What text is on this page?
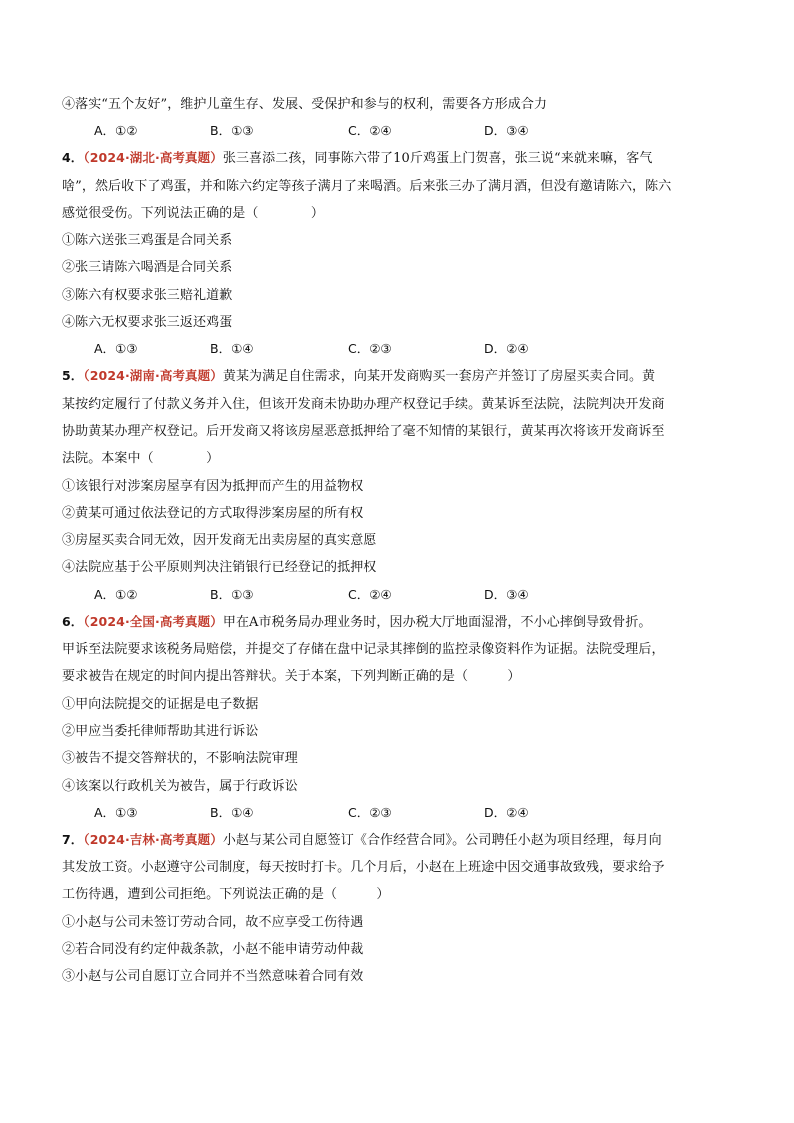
④落实“五个友好”，维护儿童生存、发展、受保护和参与的权利，需要各方形成合力
A．①②	B．①③	C．②④	D．③④
4．（2024·湖北·高考真题）张三喜添二孩，同事陈六带了10斤鸡蛋上门贺喜，张三说“来就来嘛，客气
啥”，然后收下了鸡蛋，并和陈六约定等孩子满月了来喝酒。后来张三办了满月酒，但没有邀请陈六，陈六
感觉很受伤。下列说法正确的是（　　　　）
①陈六送张三鸡蛋是合同关系
②张三请陈六喝酒是合同关系
③陈六有权要求张三赔礼道歉
④陈六无权要求张三返还鸡蛋
A．①③	B．①④	C．②③	D．②④
5．（2024·湖南·高考真题）黄某为满足自住需求，向某开发商购买一套房产并签订了房屋买卖合同。黄
某按约定履行了付款义务并入住，但该开发商未协助办理产权登记手续。黄某诉至法院，法院判决开发商
协助黄某办理产权登记。后开发商又将该房屋恶意抵押给了毫不知情的某银行，黄某再次将该开发商诉至
法院。本案中（　　　　）
①该银行对涉案房屋享有因为抵押而产生的用益物权
②黄某可通过依法登记的方式取得涉案房屋的所有权
③房屋买卖合同无效，因开发商无出卖房屋的真实意愿
④法院应基于公平原则判决注销银行已经登记的抵押权
A．①②	B．①③	C．②④	D．③④
6．（2024·全国·高考真题）甲在A市税务局办理业务时，因办税大厅地面湿滑，不小心摔倒导致骨折。
甲诉至法院要求该税务局赔偿，并提交了存储在盘中记录其摔倒的监控录像资料作为证据。法院受理后，
要求被告在规定的时间内提出答辩状。关于本案，下列判断正确的是（　　　）
①甲向法院提交的证据是电子数据
②甲应当委托律师帮助其进行诉讼
③被告不提交答辩状的，不影响法院审理
④该案以行政机关为被告，属于行政诉讼
A．①③	B．①④	C．②③	D．②④
7．（2024·吉林·高考真题）小赵与某公司自愿签订《合作经营合同》。公司聘任小赵为项目经理，每月向
其发放工资。小赵遵守公司制度，每天按时打卡。几个月后，小赵在上班途中因交通事故致残，要求给予
工伤待遇，遭到公司拒绝。下列说法正确的是（　　　）
①小赵与公司未签订劳动合同，故不应享受工伤待遇
②若合同没有约定仲裁条款，小赵不能申请劳动仲裁
③小赵与公司自愿订立合同并不当然意味着合同有效
